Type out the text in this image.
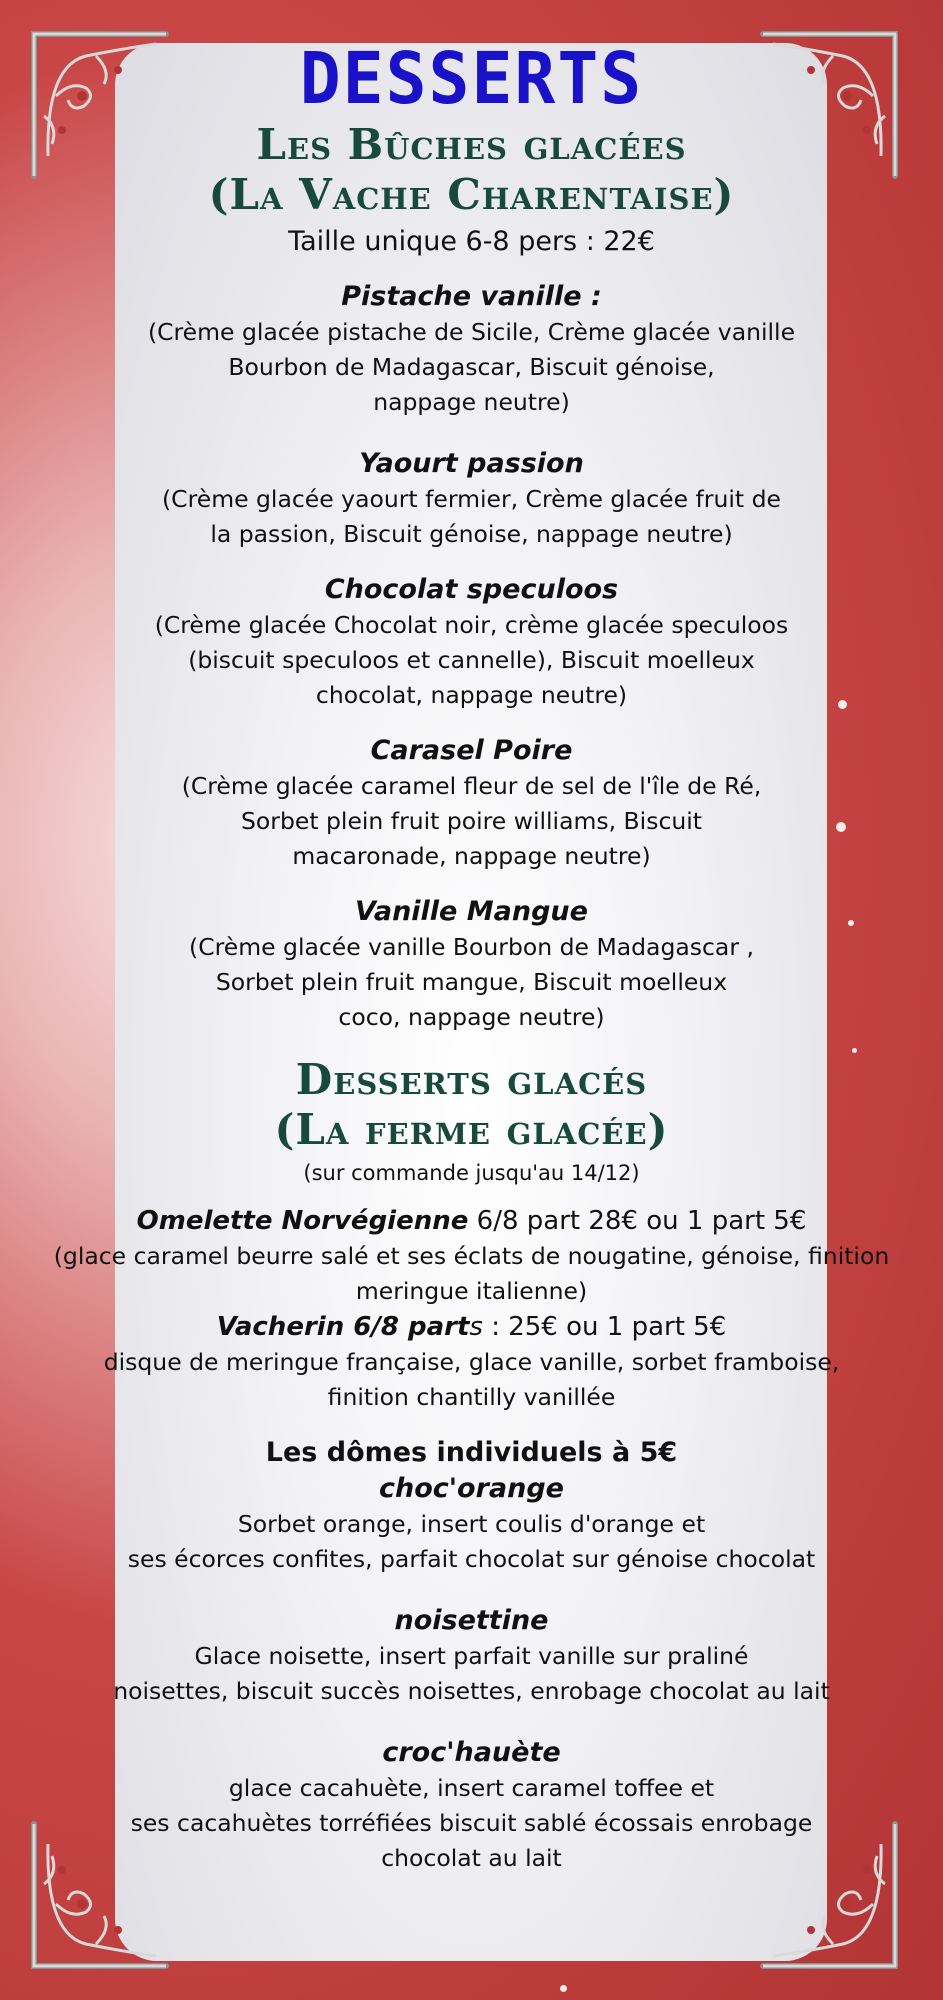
DESSERTS
Les Bûches glacées
(La Vache Charentaise)

Taille unique 6-8 pers : 22€

Pistache vanille :

(Crème glacée pistache de Sicile, Crème glacée vanille
Bourbon de Madagascar, Biscuit génoise,
nappage neutre)

Yaourt passion

(Crème glacée yaourt fermier, Crème glacée fruit de
la passion, Biscuit génoise, nappage neutre)

Chocolat speculoos

(Crème glacée Chocolat noir, crème glacée speculoos
(biscuit speculoos et cannelle), Biscuit moelleux
chocolat, nappage neutre)

Carasel Poire

(Crème glacée caramel fleur de sel de l'île de Ré,
Sorbet plein fruit poire williams, Biscuit
macaronade, nappage neutre)

Vanille Mangue

(Crème glacée vanille Bourbon de Madagascar ,
Sorbet plein fruit mangue, Biscuit moelleux
coco, nappage neutre)

Desserts glacés
(La ferme glacée)

(sur commande jusqu'au 14/12)

Omelette Norvégienne 6/8 part 28€ ou 1 part 5€

(glace caramel beurre salé et ses éclats de nougatine, génoise, finition
meringue italienne)

Vacherin 6/8 parts : 25€ ou 1 part 5€

disque de meringue française, glace vanille, sorbet framboise,
finition chantilly vanillée

Les dômes individuels à 5€

choc'orange

Sorbet orange, insert coulis d'orange et
ses écorces confites, parfait chocolat sur génoise chocolat

noisettine

Glace noisette, insert parfait vanille sur praliné
noisettes, biscuit succès noisettes, enrobage chocolat au lait

croc'hauète

glace cacahuète, insert caramel toffee et
ses cacahuètes torréfiées biscuit sablé écossais enrobage
chocolat au lait
